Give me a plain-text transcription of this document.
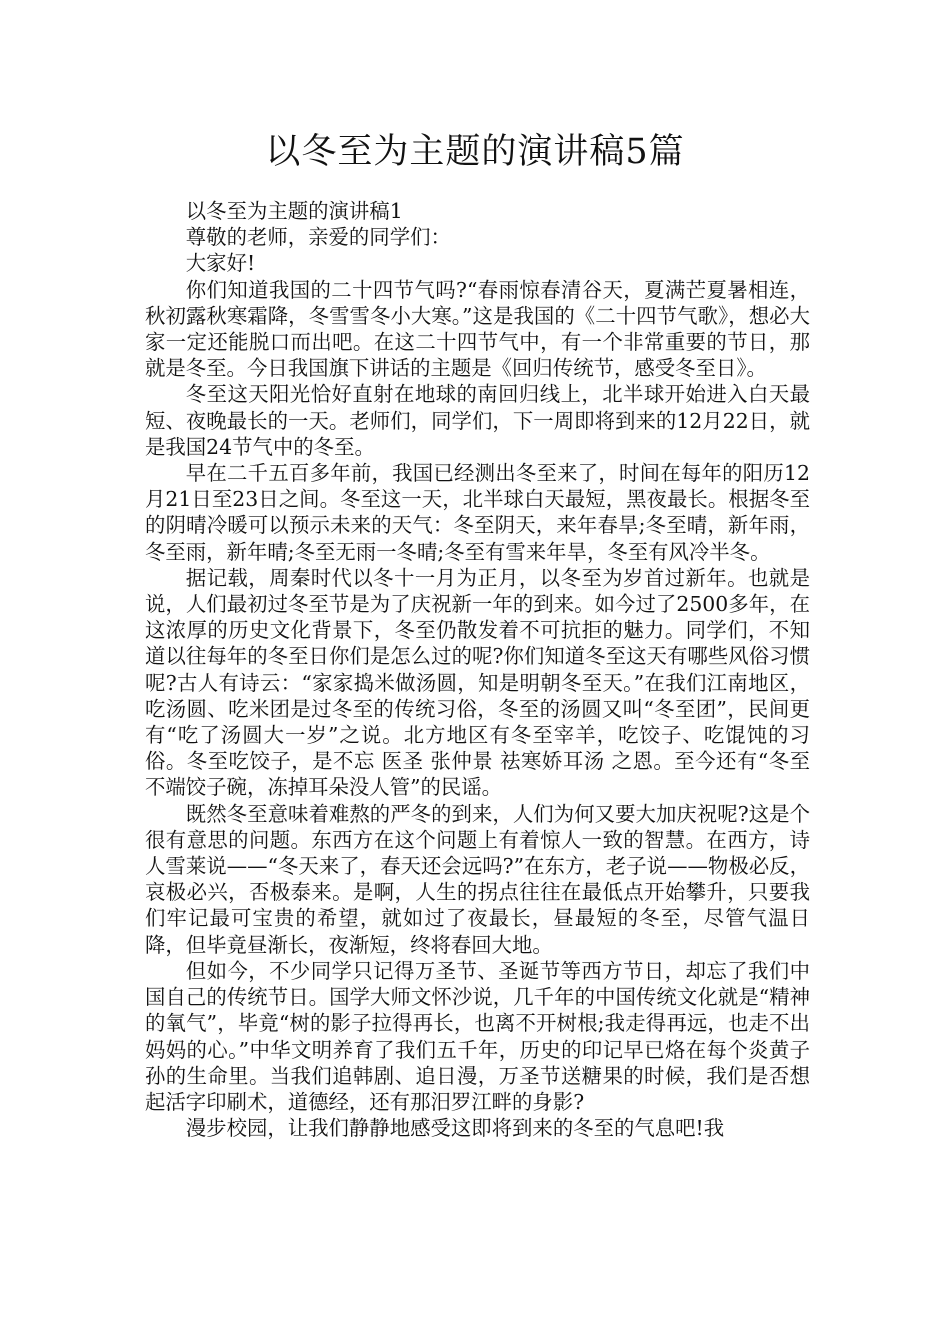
以冬至为主题的演讲稿5篇

以冬至为主题的演讲稿1

尊敬的老师，亲爱的同学们：

大家好!

你们知道我国的二十四节气吗?“春雨惊春清谷天，夏满芒夏暑相连，秋初露秋寒霜降，冬雪雪冬小大寒。”这是我国的《二十四节气歌》，想必大家一定还能脱口而出吧。在这二十四节气中，有一个非常重要的节日，那就是冬至。今日我国旗下讲话的主题是《回归传统节，感受冬至日》。

冬至这天阳光恰好直射在地球的南回归线上，北半球开始进入白天最短、夜晚最长的一天。老师们，同学们，下一周即将到来的12月22日，就是我国24节气中的冬至。

早在二千五百多年前，我国已经测出冬至来了，时间在每年的阳历12月21日至23日之间。冬至这一天，北半球白天最短，黑夜最长。根据冬至的阴晴冷暖可以预示未来的天气：冬至阴天，来年春旱;冬至晴，新年雨，冬至雨，新年晴;冬至无雨一冬晴;冬至有雪来年旱，冬至有风冷半冬。

据记载，周秦时代以冬十一月为正月，以冬至为岁首过新年。也就是说，人们最初过冬至节是为了庆祝新一年的到来。如今过了2500多年，在这浓厚的历史文化背景下，冬至仍散发着不可抗拒的魅力。同学们，不知道以往每年的冬至日你们是怎么过的呢?你们知道冬至这天有哪些风俗习惯呢?古人有诗云：“家家捣米做汤圆，知是明朝冬至天。”在我们江南地区，吃汤圆、吃米团是过冬至的传统习俗，冬至的汤圆又叫“冬至团”，民间更有“吃了汤圆大一岁”之说。北方地区有冬至宰羊，吃饺子、吃馄饨的习俗。冬至吃饺子，是不忘 医圣 张仲景 祛寒娇耳汤 之恩。至今还有“冬至不端饺子碗，冻掉耳朵没人管”的民谣。

既然冬至意味着难熬的严冬的到来，人们为何又要大加庆祝呢?这是个很有意思的问题。东西方在这个问题上有着惊人一致的智慧。在西方，诗人雪莱说——“冬天来了，春天还会远吗?”在东方，老子说——物极必反，哀极必兴，否极泰来。是啊，人生的拐点往往在最低点开始攀升，只要我们牢记最可宝贵的希望，就如过了夜最长，昼最短的冬至，尽管气温日降，但毕竟昼渐长，夜渐短，终将春回大地。

但如今，不少同学只记得万圣节、圣诞节等西方节日，却忘了我们中国自己的传统节日。国学大师文怀沙说，几千年的中国传统文化就是“精神的氧气”，毕竟“树的影子拉得再长，也离不开树根;我走得再远，也走不出妈妈的心。”中华文明养育了我们五千年，历史的印记早已烙在每个炎黄子孙的生命里。当我们追韩剧、追日漫，万圣节送糖果的时候，我们是否想起活字印刷术，道德经，还有那汨罗江畔的身影?

漫步校园，让我们静静地感受这即将到来的冬至的气息吧!我
